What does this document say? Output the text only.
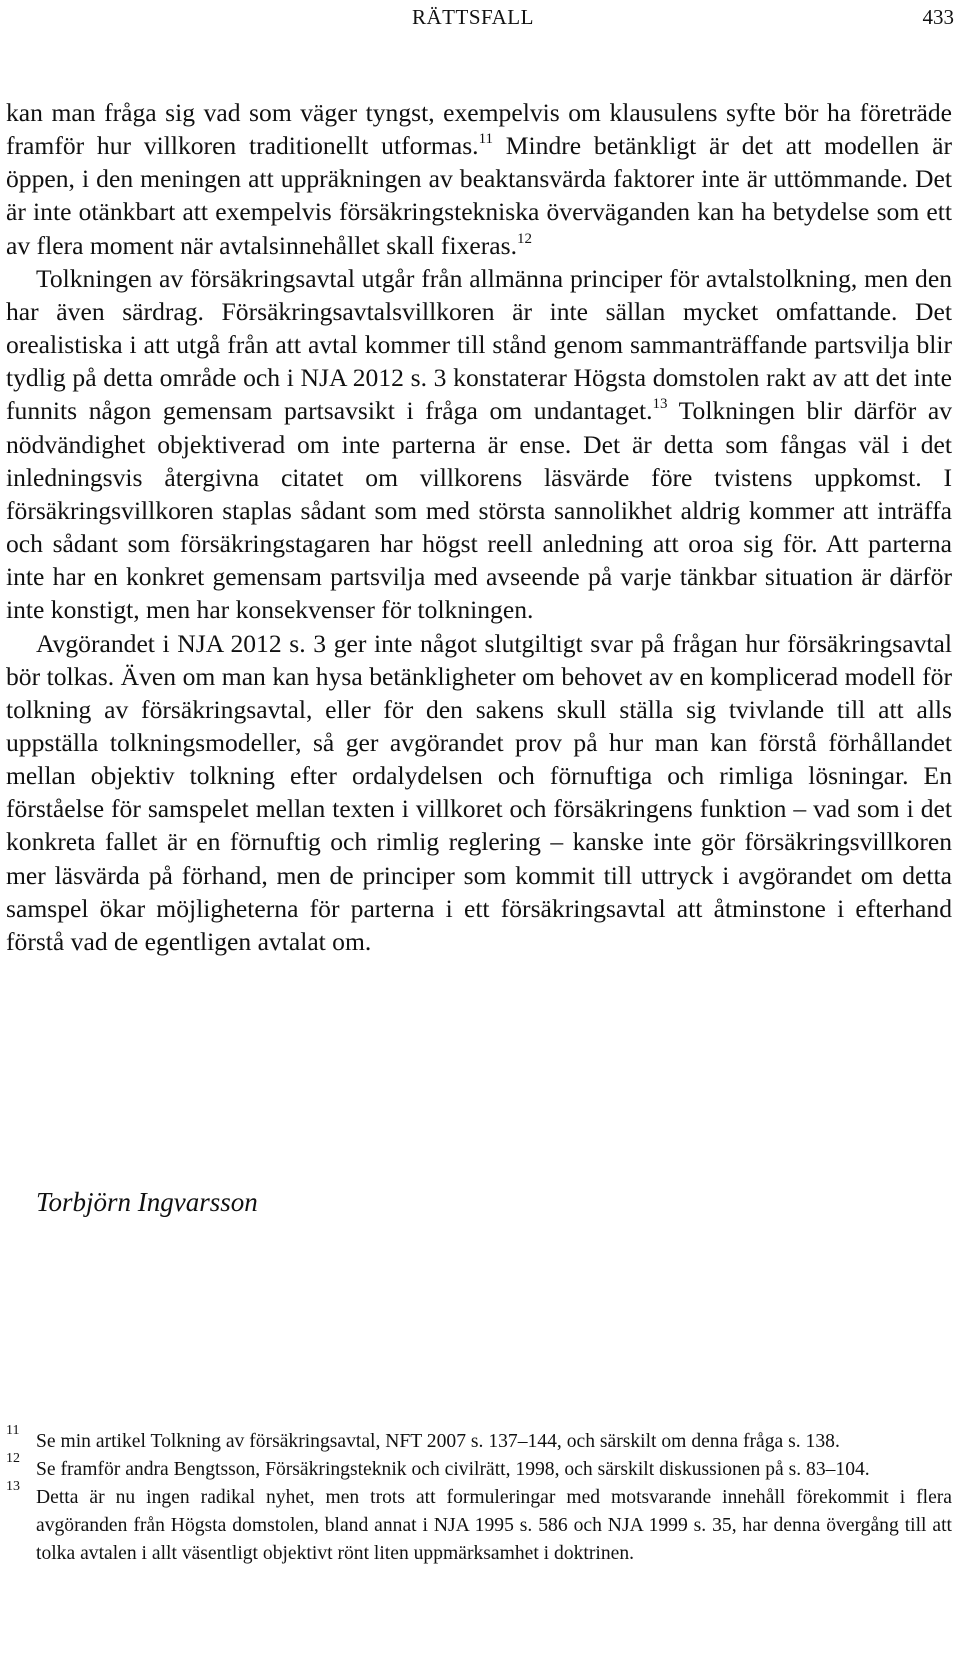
RÄTTSFALL	433

kan man fråga sig vad som väger tyngst, exempelvis om klausulens syfte bör ha företräde framför hur villkoren traditionellt utformas.$^{11}$ Mindre betänkligt är det att modellen är öppen, i den meningen att uppräkningen av beaktansvärda faktorer inte är uttömmande. Det är inte otänkbart att exempelvis försäkringstekniska överväganden kan ha betydelse som ett av flera moment när avtalsinnehållet skall fixeras.$^{12}$

Tolkningen av försäkringsavtal utgår från allmänna principer för avtalstolkning, men den har även särdrag. Försäkringsavtalsvillkoren är inte sällan mycket omfattande. Det orealistiska i att utgå från att avtal kommer till stånd genom sammanträffande partsvilja blir tydlig på detta område och i NJA 2012 s. 3 konstaterar Högsta domstolen rakt av att det inte funnits någon gemensam partsavsikt i fråga om undantaget.$^{13}$ Tolkningen blir därför av nödvändighet objektiverad om inte parterna är ense. Det är detta som fångas väl i det inledningsvis återgivna citatet om villkorens läsvärde före tvistens uppkomst. I försäkringsvillkoren staplas sådant som med största sannolikhet aldrig kommer att inträffa och sådant som försäkringstagaren har högst reell anledning att oroa sig för. Att parterna inte har en konkret gemensam partsvilja med avseende på varje tänkbar situation är därför inte konstigt, men har konsekvenser för tolkningen.

Avgörandet i NJA 2012 s. 3 ger inte något slutgiltigt svar på frågan hur försäkringsavtal bör tolkas. Även om man kan hysa betänkligheter om behovet av en komplicerad modell för tolkning av försäkringsavtal, eller för den sakens skull ställa sig tvivlande till att alls uppställa tolkningsmodeller, så ger avgörandet prov på hur man kan förstå förhållandet mellan objektiv tolkning efter ordalydelsen och förnuftiga och rimliga lösningar. En förståelse för samspelet mellan texten i villkoret och försäkringens funktion – vad som i det konkreta fallet är en förnuftig och rimlig reglering – kanske inte gör försäkringsvillkoren mer läsvärda på förhand, men de principer som kommit till uttryck i avgörandet om detta samspel ökar möjligheterna för parterna i ett försäkringsavtal att åtminstone i efterhand förstå vad de egentligen avtalat om.

Torbjörn Ingvarsson
11
Se min artikel Tolkning av försäkringsavtal, NFT 2007 s. 137–144, och särskilt om denna fråga s. 138.
12
Se framför andra Bengtsson, Försäkringsteknik och civilrätt, 1998, och särskilt diskussionen på s. 83–104.
13
Detta är nu ingen radikal nyhet, men trots att formuleringar med motsvarande innehåll förekommit i flera avgöranden från Högsta domstolen, bland annat i NJA 1995 s. 586 och NJA 1999 s. 35, har denna övergång till att tolka avtalen i allt väsentligt objektivt rönt liten uppmärksamhet i doktrinen.
